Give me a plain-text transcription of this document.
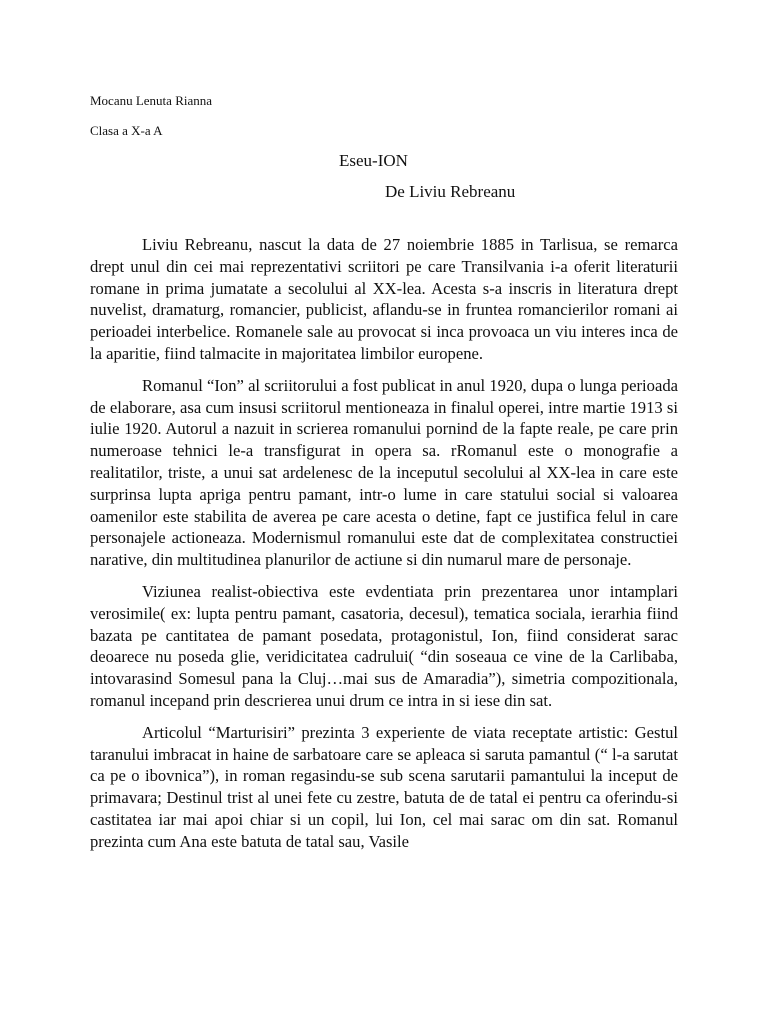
Mocanu Lenuta Rianna
Clasa a X-a A
Eseu-ION
De Liviu Rebreanu

Liviu Rebreanu, nascut la data de 27 noiembrie 1885 in Tarlisua, se remarca drept unul din cei mai reprezentativi scriitori pe care Transilvania i-a oferit literaturii romane in prima jumatate a secolului al XX-lea. Acesta s-a inscris in literatura drept nuvelist, dramaturg, romancier, publicist, aflandu-se in fruntea romancierilor romani ai perioadei interbelice. Romanele sale au provocat si inca provoaca un viu interes inca de la aparitie, fiind talmacite in majoritatea limbilor europene.

Romanul “Ion” al scriitorului a fost publicat in anul 1920, dupa o lunga perioada de elaborare, asa cum insusi scriitorul mentioneaza in finalul operei, intre martie 1913 si iulie 1920. Autorul a nazuit in scrierea romanului pornind de la fapte reale, pe care prin numeroase tehnici le-a transfigurat in opera sa. rRomanul este o monografie a realitatilor, triste, a unui sat ardelenesc de la inceputul secolului al XX-lea in care este surprinsa lupta apriga pentru pamant, intr-o lume in care statului social si valoarea oamenilor este stabilita de averea pe care acesta o detine, fapt ce justifica felul in care personajele actioneaza. Modernismul romanului este dat de complexitatea constructiei narative, din multitudinea planurilor de actiune si din numarul mare de personaje.

Viziunea realist-obiectiva este evdentiata prin prezentarea unor intamplari verosimile( ex: lupta pentru pamant, casatoria, decesul), tematica sociala, ierarhia fiind bazata pe cantitatea de pamant posedata, protagonistul, Ion, fiind considerat sarac deoarece nu poseda glie, veridicitatea cadrului( “din soseaua ce vine de la Carlibaba, intovarasind Somesul pana la Cluj…mai sus de Amaradia”), simetria compozitionala, romanul incepand prin descrierea unui drum ce intra in si iese din sat.

Articolul “Marturisiri” prezinta 3 experiente de viata receptate artistic: Gestul taranului imbracat in haine de sarbatoare care se apleaca si saruta pamantul (“ l-a sarutat ca pe o ibovnica”), in roman regasindu-se sub scena sarutarii pamantului la inceput de primavara; Destinul trist al unei fete cu zestre, batuta de de tatal ei pentru ca oferindu-si castitatea iar mai apoi chiar si un copil, lui Ion, cel mai sarac om din sat. Romanul prezinta cum Ana este batuta de tatal sau, Vasile
